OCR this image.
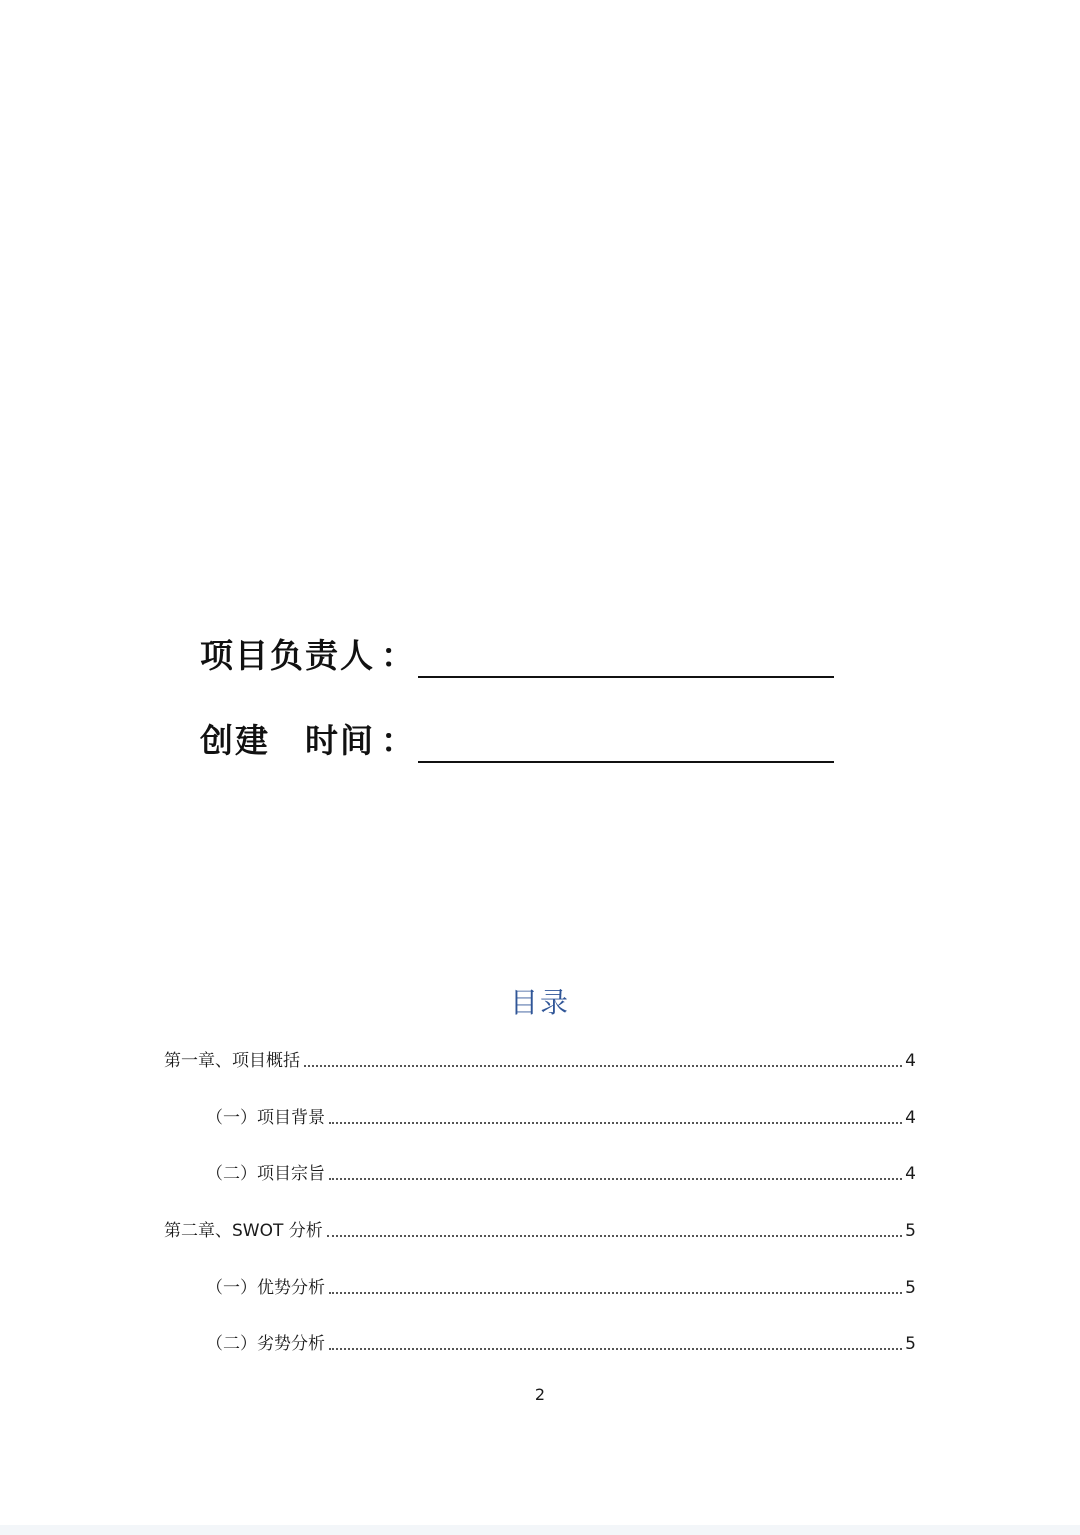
项目负责人 ：
创建　时间 ：
目录
第一章、项目概括	4
（一）项目背景	4
（二）项目宗旨	4
第二章、SWOT 分析	5
（一）优势分析	5
（二）劣势分析	5
2
